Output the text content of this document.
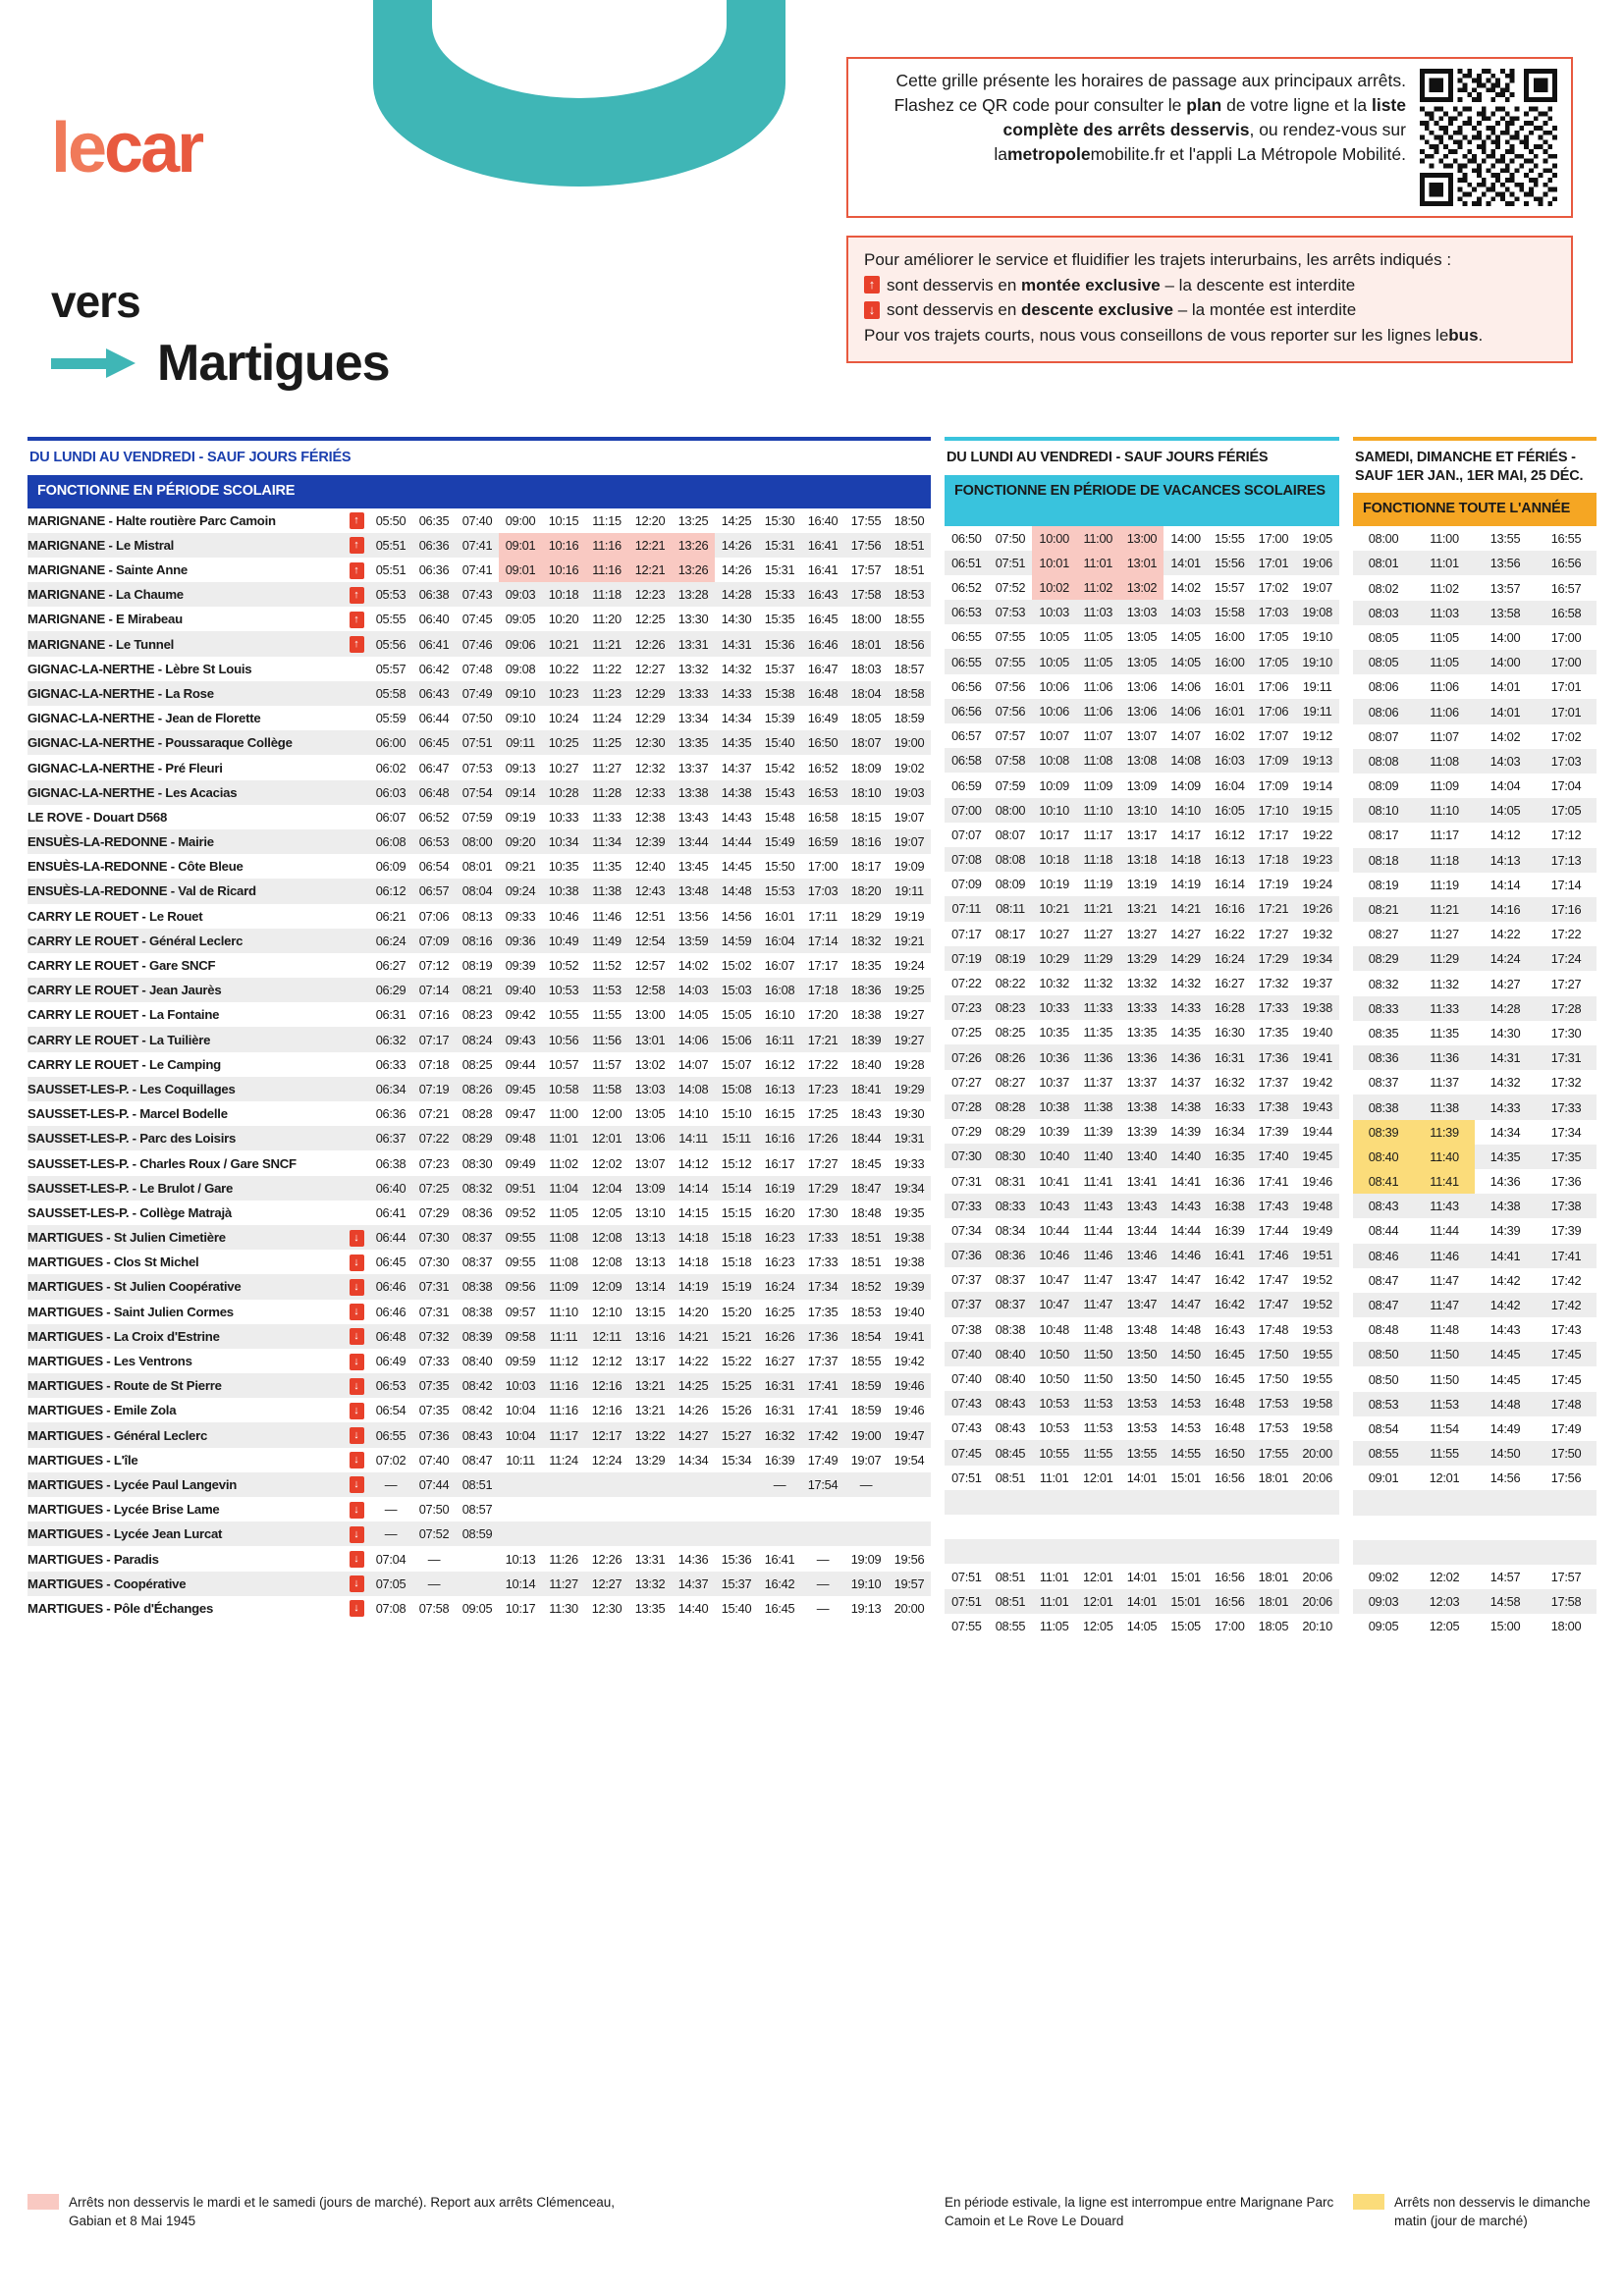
55
lecar
vers
Martigues
Cette grille présente les horaires de passage aux principaux arrêts. Flashez ce QR code pour consulter le plan de votre ligne et la liste complète des arrêts desservis, ou rendez-vous sur lametropolemobilite.fr et l'appli La Métropole Mobilité.
Pour améliorer le service et fluidifier les trajets interurbains, les arrêts indiqués :
↑
sont desservis en montée exclusive – la descente est interdite
↓
sont desservis en descente exclusive – la montée est interdite
Pour vos trajets courts, nous vous conseillons de vous reporter sur les lignes lebus.
DU LUNDI AU VENDREDI - SAUF JOURS FÉRIÉS
FONCTIONNE EN PÉRIODE SCOLAIRE
MARIGNANE - Halte routière Parc Camoin	↑	05:50	06:35	07:40	09:00	10:15	11:15	12:20	13:25	14:25	15:30	16:40	17:55	18:50
MARIGNANE - Le Mistral	↑	05:51	06:36	07:41	09:01	10:16	11:16	12:21	13:26	14:26	15:31	16:41	17:56	18:51
MARIGNANE - Sainte Anne	↑	05:51	06:36	07:41	09:01	10:16	11:16	12:21	13:26	14:26	15:31	16:41	17:57	18:51
MARIGNANE - La Chaume	↑	05:53	06:38	07:43	09:03	10:18	11:18	12:23	13:28	14:28	15:33	16:43	17:58	18:53
MARIGNANE - E Mirabeau	↑	05:55	06:40	07:45	09:05	10:20	11:20	12:25	13:30	14:30	15:35	16:45	18:00	18:55
MARIGNANE - Le Tunnel	↑	05:56	06:41	07:46	09:06	10:21	11:21	12:26	13:31	14:31	15:36	16:46	18:01	18:56
GIGNAC-LA-NERTHE - Lèbre St Louis		05:57	06:42	07:48	09:08	10:22	11:22	12:27	13:32	14:32	15:37	16:47	18:03	18:57
GIGNAC-LA-NERTHE - La Rose		05:58	06:43	07:49	09:10	10:23	11:23	12:29	13:33	14:33	15:38	16:48	18:04	18:58
GIGNAC-LA-NERTHE - Jean de Florette		05:59	06:44	07:50	09:10	10:24	11:24	12:29	13:34	14:34	15:39	16:49	18:05	18:59
GIGNAC-LA-NERTHE - Poussaraque Collège		06:00	06:45	07:51	09:11	10:25	11:25	12:30	13:35	14:35	15:40	16:50	18:07	19:00
GIGNAC-LA-NERTHE - Pré Fleuri		06:02	06:47	07:53	09:13	10:27	11:27	12:32	13:37	14:37	15:42	16:52	18:09	19:02
GIGNAC-LA-NERTHE - Les Acacias		06:03	06:48	07:54	09:14	10:28	11:28	12:33	13:38	14:38	15:43	16:53	18:10	19:03
LE ROVE - Douart D568		06:07	06:52	07:59	09:19	10:33	11:33	12:38	13:43	14:43	15:48	16:58	18:15	19:07
ENSUÈS-LA-REDONNE - Mairie		06:08	06:53	08:00	09:20	10:34	11:34	12:39	13:44	14:44	15:49	16:59	18:16	19:07
ENSUÈS-LA-REDONNE - Côte Bleue		06:09	06:54	08:01	09:21	10:35	11:35	12:40	13:45	14:45	15:50	17:00	18:17	19:09
ENSUÈS-LA-REDONNE - Val de Ricard		06:12	06:57	08:04	09:24	10:38	11:38	12:43	13:48	14:48	15:53	17:03	18:20	19:11
CARRY LE ROUET - Le Rouet		06:21	07:06	08:13	09:33	10:46	11:46	12:51	13:56	14:56	16:01	17:11	18:29	19:19
CARRY LE ROUET - Général Leclerc		06:24	07:09	08:16	09:36	10:49	11:49	12:54	13:59	14:59	16:04	17:14	18:32	19:21
CARRY LE ROUET - Gare SNCF		06:27	07:12	08:19	09:39	10:52	11:52	12:57	14:02	15:02	16:07	17:17	18:35	19:24
CARRY LE ROUET - Jean Jaurès		06:29	07:14	08:21	09:40	10:53	11:53	12:58	14:03	15:03	16:08	17:18	18:36	19:25
CARRY LE ROUET - La Fontaine		06:31	07:16	08:23	09:42	10:55	11:55	13:00	14:05	15:05	16:10	17:20	18:38	19:27
CARRY LE ROUET - La Tuilière		06:32	07:17	08:24	09:43	10:56	11:56	13:01	14:06	15:06	16:11	17:21	18:39	19:27
CARRY LE ROUET - Le Camping		06:33	07:18	08:25	09:44	10:57	11:57	13:02	14:07	15:07	16:12	17:22	18:40	19:28
SAUSSET-LES-P. - Les Coquillages		06:34	07:19	08:26	09:45	10:58	11:58	13:03	14:08	15:08	16:13	17:23	18:41	19:29
SAUSSET-LES-P. - Marcel Bodelle		06:36	07:21	08:28	09:47	11:00	12:00	13:05	14:10	15:10	16:15	17:25	18:43	19:30
SAUSSET-LES-P. - Parc des Loisirs		06:37	07:22	08:29	09:48	11:01	12:01	13:06	14:11	15:11	16:16	17:26	18:44	19:31
SAUSSET-LES-P. - Charles Roux / Gare SNCF		06:38	07:23	08:30	09:49	11:02	12:02	13:07	14:12	15:12	16:17	17:27	18:45	19:33
SAUSSET-LES-P. - Le Brulot / Gare		06:40	07:25	08:32	09:51	11:04	12:04	13:09	14:14	15:14	16:19	17:29	18:47	19:34
SAUSSET-LES-P. - Collège Matrajà		06:41	07:29	08:36	09:52	11:05	12:05	13:10	14:15	15:15	16:20	17:30	18:48	19:35
MARTIGUES - St Julien Cimetière	↓	06:44	07:30	08:37	09:55	11:08	12:08	13:13	14:18	15:18	16:23	17:33	18:51	19:38
MARTIGUES - Clos St Michel	↓	06:45	07:30	08:37	09:55	11:08	12:08	13:13	14:18	15:18	16:23	17:33	18:51	19:38
MARTIGUES - St Julien Coopérative	↓	06:46	07:31	08:38	09:56	11:09	12:09	13:14	14:19	15:19	16:24	17:34	18:52	19:39
MARTIGUES - Saint Julien Cormes	↓	06:46	07:31	08:38	09:57	11:10	12:10	13:15	14:20	15:20	16:25	17:35	18:53	19:40
MARTIGUES - La Croix d'Estrine	↓	06:48	07:32	08:39	09:58	11:11	12:11	13:16	14:21	15:21	16:26	17:36	18:54	19:41
MARTIGUES - Les Ventrons	↓	06:49	07:33	08:40	09:59	11:12	12:12	13:17	14:22	15:22	16:27	17:37	18:55	19:42
MARTIGUES - Route de St Pierre	↓	06:53	07:35	08:42	10:03	11:16	12:16	13:21	14:25	15:25	16:31	17:41	18:59	19:46
MARTIGUES - Emile Zola	↓	06:54	07:35	08:42	10:04	11:16	12:16	13:21	14:26	15:26	16:31	17:41	18:59	19:46
MARTIGUES - Général Leclerc	↓	06:55	07:36	08:43	10:04	11:17	12:17	13:22	14:27	15:27	16:32	17:42	19:00	19:47
MARTIGUES - L'île	↓	07:02	07:40	08:47	10:11	11:24	12:24	13:29	14:34	15:34	16:39	17:49	19:07	19:54
MARTIGUES - Lycée Paul Langevin	↓	—	07:44	08:51							—	17:54	—	
MARTIGUES - Lycée Brise Lame	↓	—	07:50	08:57										
MARTIGUES - Lycée Jean Lurcat	↓	—	07:52	08:59										
MARTIGUES - Paradis	↓	07:04	—		10:13	11:26	12:26	13:31	14:36	15:36	16:41	—	19:09	19:56
MARTIGUES - Coopérative	↓	07:05	—		10:14	11:27	12:27	13:32	14:37	15:37	16:42	—	19:10	19:57
MARTIGUES - Pôle d'Échanges	↓	07:08	07:58	09:05	10:17	11:30	12:30	13:35	14:40	15:40	16:45	—	19:13	20:00
DU LUNDI AU VENDREDI - SAUF JOURS FÉRIÉS
FONCTIONNE EN PÉRIODE DE VACANCES SCOLAIRES
06:50	07:50	10:00	11:00	13:00	14:00	15:55	17:00	19:05
06:51	07:51	10:01	11:01	13:01	14:01	15:56	17:01	19:06
06:52	07:52	10:02	11:02	13:02	14:02	15:57	17:02	19:07
06:53	07:53	10:03	11:03	13:03	14:03	15:58	17:03	19:08
06:55	07:55	10:05	11:05	13:05	14:05	16:00	17:05	19:10
06:55	07:55	10:05	11:05	13:05	14:05	16:00	17:05	19:10
06:56	07:56	10:06	11:06	13:06	14:06	16:01	17:06	19:11
06:56	07:56	10:06	11:06	13:06	14:06	16:01	17:06	19:11
06:57	07:57	10:07	11:07	13:07	14:07	16:02	17:07	19:12
06:58	07:58	10:08	11:08	13:08	14:08	16:03	17:09	19:13
06:59	07:59	10:09	11:09	13:09	14:09	16:04	17:09	19:14
07:00	08:00	10:10	11:10	13:10	14:10	16:05	17:10	19:15
07:07	08:07	10:17	11:17	13:17	14:17	16:12	17:17	19:22
07:08	08:08	10:18	11:18	13:18	14:18	16:13	17:18	19:23
07:09	08:09	10:19	11:19	13:19	14:19	16:14	17:19	19:24
07:11	08:11	10:21	11:21	13:21	14:21	16:16	17:21	19:26
07:17	08:17	10:27	11:27	13:27	14:27	16:22	17:27	19:32
07:19	08:19	10:29	11:29	13:29	14:29	16:24	17:29	19:34
07:22	08:22	10:32	11:32	13:32	14:32	16:27	17:32	19:37
07:23	08:23	10:33	11:33	13:33	14:33	16:28	17:33	19:38
07:25	08:25	10:35	11:35	13:35	14:35	16:30	17:35	19:40
07:26	08:26	10:36	11:36	13:36	14:36	16:31	17:36	19:41
07:27	08:27	10:37	11:37	13:37	14:37	16:32	17:37	19:42
07:28	08:28	10:38	11:38	13:38	14:38	16:33	17:38	19:43
07:29	08:29	10:39	11:39	13:39	14:39	16:34	17:39	19:44
07:30	08:30	10:40	11:40	13:40	14:40	16:35	17:40	19:45
07:31	08:31	10:41	11:41	13:41	14:41	16:36	17:41	19:46
07:33	08:33	10:43	11:43	13:43	14:43	16:38	17:43	19:48
07:34	08:34	10:44	11:44	13:44	14:44	16:39	17:44	19:49
07:36	08:36	10:46	11:46	13:46	14:46	16:41	17:46	19:51
07:37	08:37	10:47	11:47	13:47	14:47	16:42	17:47	19:52
07:37	08:37	10:47	11:47	13:47	14:47	16:42	17:47	19:52
07:38	08:38	10:48	11:48	13:48	14:48	16:43	17:48	19:53
07:40	08:40	10:50	11:50	13:50	14:50	16:45	17:50	19:55
07:40	08:40	10:50	11:50	13:50	14:50	16:45	17:50	19:55
07:43	08:43	10:53	11:53	13:53	14:53	16:48	17:53	19:58
07:43	08:43	10:53	11:53	13:53	14:53	16:48	17:53	19:58
07:45	08:45	10:55	11:55	13:55	14:55	16:50	17:55	20:00
07:51	08:51	11:01	12:01	14:01	15:01	16:56	18:01	20:06

07:51	08:51	11:01	12:01	14:01	15:01	16:56	18:01	20:06
07:51	08:51	11:01	12:01	14:01	15:01	16:56	18:01	20:06
07:55	08:55	11:05	12:05	14:05	15:05	17:00	18:05	20:10
SAMEDI, DIMANCHE ET FÉRIÉS - SAUF 1ER JAN., 1ER MAI, 25 DÉC.
FONCTIONNE TOUTE L'ANNÉE
08:00	11:00	13:55	16:55
08:01	11:01	13:56	16:56
08:02	11:02	13:57	16:57
08:03	11:03	13:58	16:58
08:05	11:05	14:00	17:00
08:05	11:05	14:00	17:00
08:06	11:06	14:01	17:01
08:06	11:06	14:01	17:01
08:07	11:07	14:02	17:02
08:08	11:08	14:03	17:03
08:09	11:09	14:04	17:04
08:10	11:10	14:05	17:05
08:17	11:17	14:12	17:12
08:18	11:18	14:13	17:13
08:19	11:19	14:14	17:14
08:21	11:21	14:16	17:16
08:27	11:27	14:22	17:22
08:29	11:29	14:24	17:24
08:32	11:32	14:27	17:27
08:33	11:33	14:28	17:28
08:35	11:35	14:30	17:30
08:36	11:36	14:31	17:31
08:37	11:37	14:32	17:32
08:38	11:38	14:33	17:33
08:39	11:39	14:34	17:34
08:40	11:40	14:35	17:35
08:41	11:41	14:36	17:36
08:43	11:43	14:38	17:38
08:44	11:44	14:39	17:39
08:46	11:46	14:41	17:41
08:47	11:47	14:42	17:42
08:47	11:47	14:42	17:42
08:48	11:48	14:43	17:43
08:50	11:50	14:45	17:45
08:50	11:50	14:45	17:45
08:53	11:53	14:48	17:48
08:54	11:54	14:49	17:49
08:55	11:55	14:50	17:50
09:01	12:01	14:56	17:56

09:02	12:02	14:57	17:57
09:03	12:03	14:58	17:58
09:05	12:05	15:00	18:00
Arrêts non desservis le mardi et le samedi (jours de marché). Report aux arrêts Clémenceau, Gabian et 8 Mai 1945
En période estivale, la ligne est interrompue entre Marignane Parc Camoin et Le Rove Le Douard
Arrêts non desservis le dimanche matin (jour de marché)
